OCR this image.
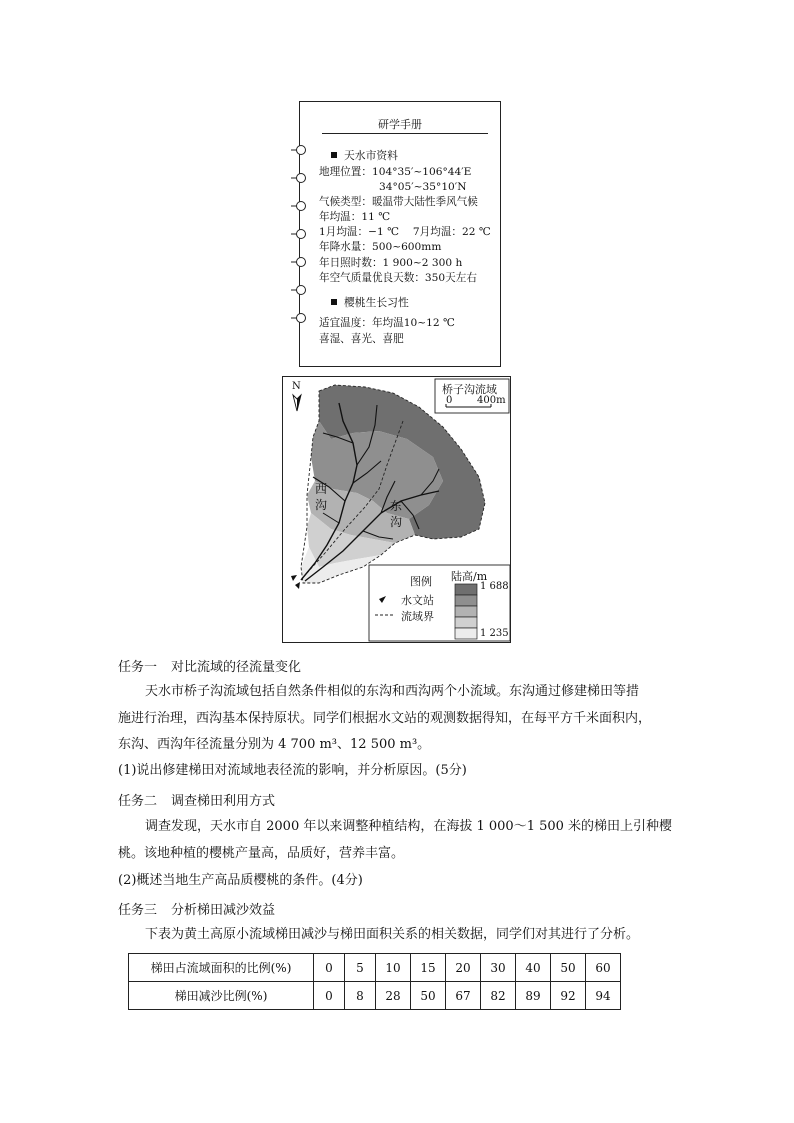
研学手册
天水市资料
地理位置：104°35′~106°44′E
34°05′~35°10′N
气候类型：暖温带大陆性季风气候
年均温：11 ℃
1月均温：−1 ℃　 7月均温：22 ℃
年降水量：500~600mm
年日照时数：1 900~2 300 h
年空气质量优良天数：350天左右
樱桃生长习性
适宜温度：年均温10~12 ℃
喜湿、喜光、喜肥
N	桥子沟流域
0 400m
西沟	东沟
图例 陆高/m
1 688
1 235
水文站
流域界
任务一 对比流域的径流量变化
天水市桥子沟流域包括自然条件相似的东沟和西沟两个小流域。东沟通过修建梯田等措
施进行治理，西沟基本保持原状。同学们根据水文站的观测数据得知，在每平方千米面积内，
东沟、西沟年径流量分别为 4 700 m³、12 500 m³。
(1)说出修建梯田对流域地表径流的影响，并分析原因。(5分)
任务二 调查梯田利用方式
调查发现，天水市自 2000 年以来调整种植结构，在海拔 1 000～1 500 米的梯田上引种樱
桃。该地种植的樱桃产量高，品质好，营养丰富。
(2)概述当地生产高品质樱桃的条件。(4分)
任务三 分析梯田减沙效益
下表为黄土高原小流域梯田减沙与梯田面积关系的相关数据，同学们对其进行了分析。
梯田占流域面积的比例(%)	0	5	10	15	20	30	40	50	60
梯田减沙比例(%)	0	8	28	50	67	82	89	92	94
